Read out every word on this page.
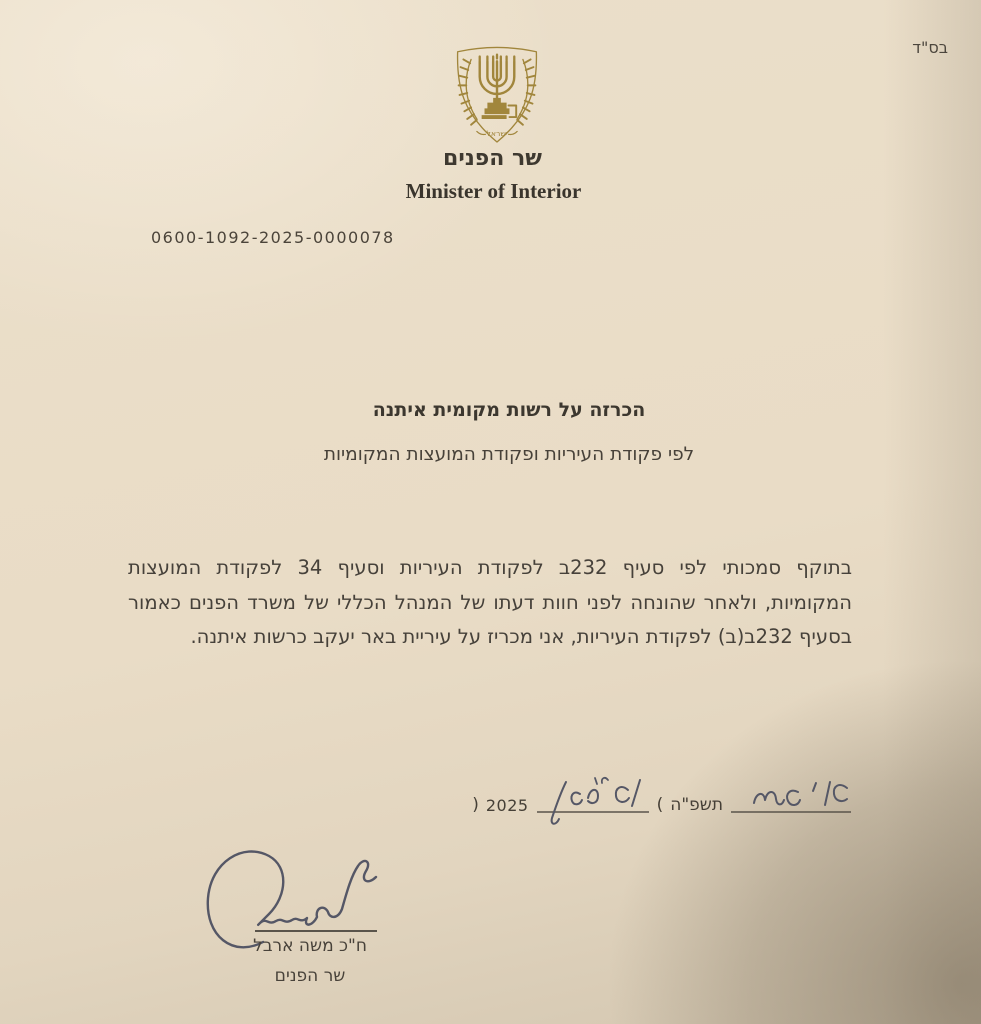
בס"ד
ישראל
שר הפנים
Minister of Interior
0600-1092-2025-0000078
הכרזה על רשות מקומית איתנה
לפי פקודת העיריות ופקודת המועצות המקומיות
בתוקף סמכותי לפי סעיף 232ב לפקודת העיריות וסעיף 34 לפקודת המועצות המקומיות, ולאחר שהונחה לפני חוות דעתו של המנהל הכללי של משרד הפנים כאמור בסעיף 232ב(ב) לפקודת העיריות, אני מכריז על עיריית באר יעקב כרשות איתנה.
תשפ"ה
)
2025
(
ח"כ משה ארבל
שר הפנים
